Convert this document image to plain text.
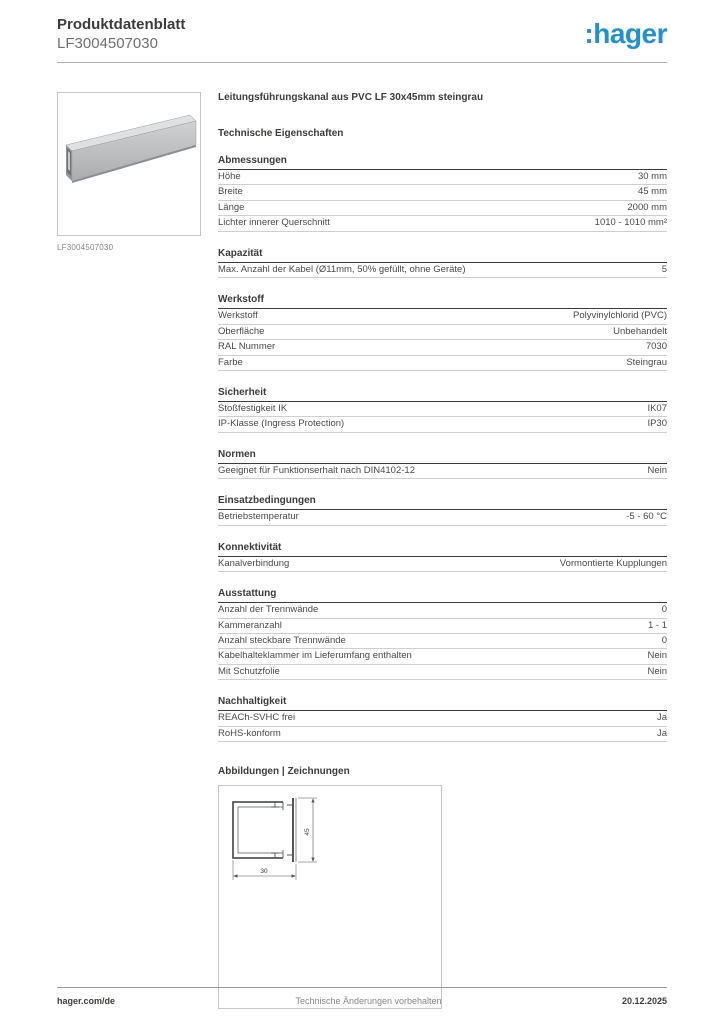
Produktdatenblatt
LF3004507030	:hager
LF3004507030
Leitungsführungskanal aus PVC LF 30x45mm steingrau
Technische Eigenschaften
Abmessungen
Höhe	30 mm
Breite	45 mm
Länge	2000 mm
Lichter innerer Querschnitt	1010 - 1010 mm²
Kapazität
Max. Anzahl der Kabel (Ø11mm, 50% gefüllt, ohne Geräte)	5
Werkstoff
Werkstoff	Polyvinylchlorid (PVC)
Oberfläche	Unbehandelt
RAL Nummer	7030
Farbe	Steingrau
Sicherheit
Stoßfestigkeit IK	IK07
IP-Klasse (Ingress Protection)	IP30
Normen
Geeignet für Funktionserhalt nach DIN4102-12	Nein
Einsatzbedingungen
Betriebstemperatur	-5 - 60 °C
Konnektivität
Kanalverbindung	Vormontierte Kupplungen
Ausstattung
Anzahl der Trennwände	0
Kammeranzahl	1 - 1
Anzahl steckbare Trennwände	0
Kabelhalteklammer im Lieferumfang enthalten	Nein
Mit Schutzfolie	Nein
Nachhaltigkeit
REACh-SVHC frei	Ja
RoHS-konform	Ja
Abbildungen | Zeichnungen
45
30
hager.com/de	Technische Änderungen vorbehalten	20.12.2025
